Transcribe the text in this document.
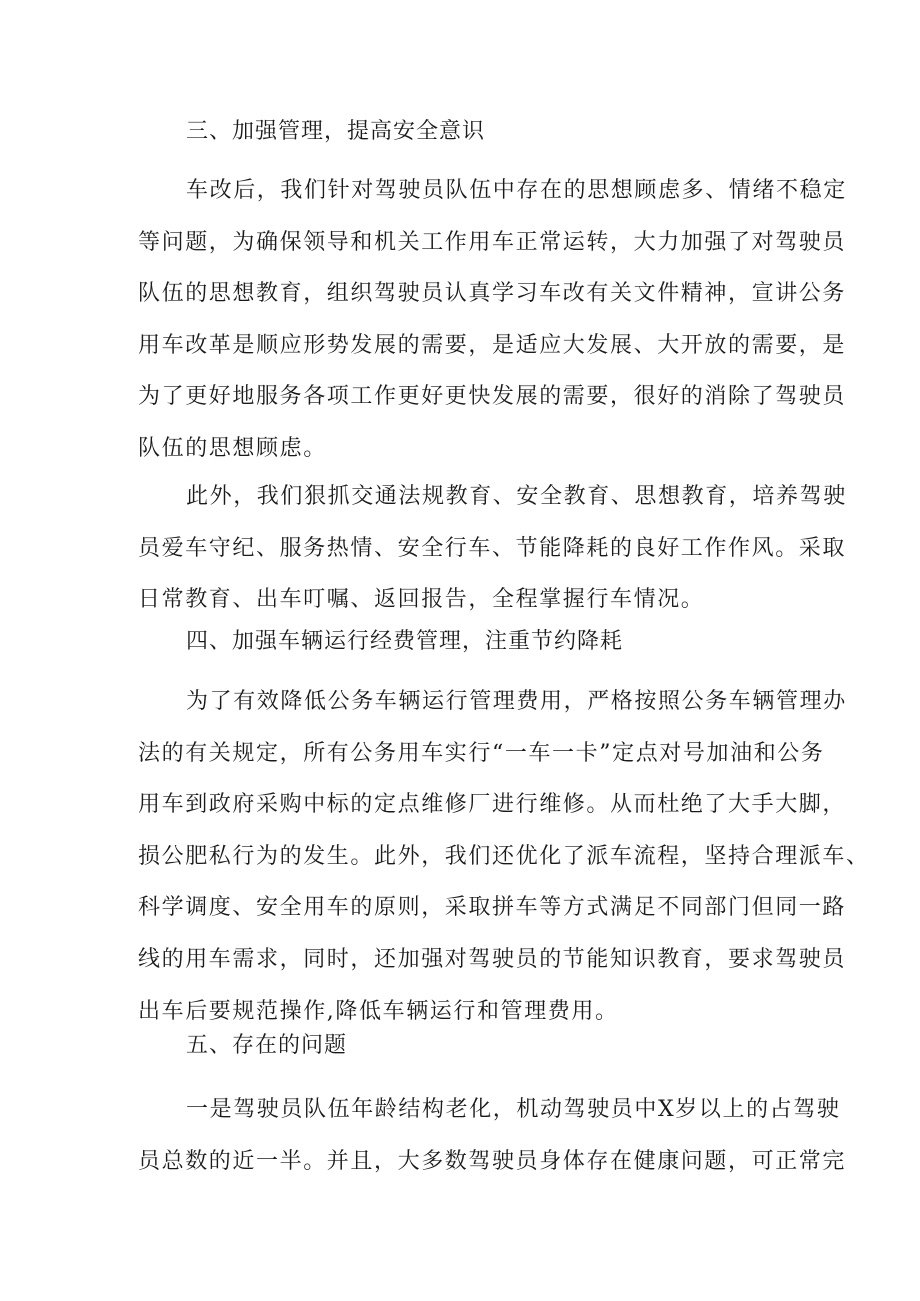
三、加强管理，提高安全意识
车改后，我们针对驾驶员队伍中存在的思想顾虑多、情绪不稳定
等问题，为确保领导和机关工作用车正常运转，大力加强了对驾驶员
队伍的思想教育，组织驾驶员认真学习车改有关文件精神，宣讲公务
用车改革是顺应形势发展的需要，是适应大发展、大开放的需要，是
为了更好地服务各项工作更好更快发展的需要，很好的消除了驾驶员
队伍的思想顾虑。
此外，我们狠抓交通法规教育、安全教育、思想教育，培养驾驶
员爱车守纪、服务热情、安全行车、节能降耗的良好工作作风。采取
日常教育、出车叮嘱、返回报告，全程掌握行车情况。
四、加强车辆运行经费管理，注重节约降耗
为了有效降低公务车辆运行管理费用，严格按照公务车辆管理办
法的有关规定，所有公务用车实行“一车一卡”定点对号加油和公务
用车到政府采购中标的定点维修厂进行维修。从而杜绝了大手大脚，
损公肥私行为的发生。此外，我们还优化了派车流程，坚持合理派车、
科学调度、安全用车的原则，采取拼车等方式满足不同部门但同一路
线的用车需求，同时，还加强对驾驶员的节能知识教育，要求驾驶员
出车后要规范操作,降低车辆运行和管理费用。
五、存在的问题
一是驾驶员队伍年龄结构老化，机动驾驶员中X岁以上的占驾驶
员总数的近一半。并且，大多数驾驶员身体存在健康问题，可正常完
